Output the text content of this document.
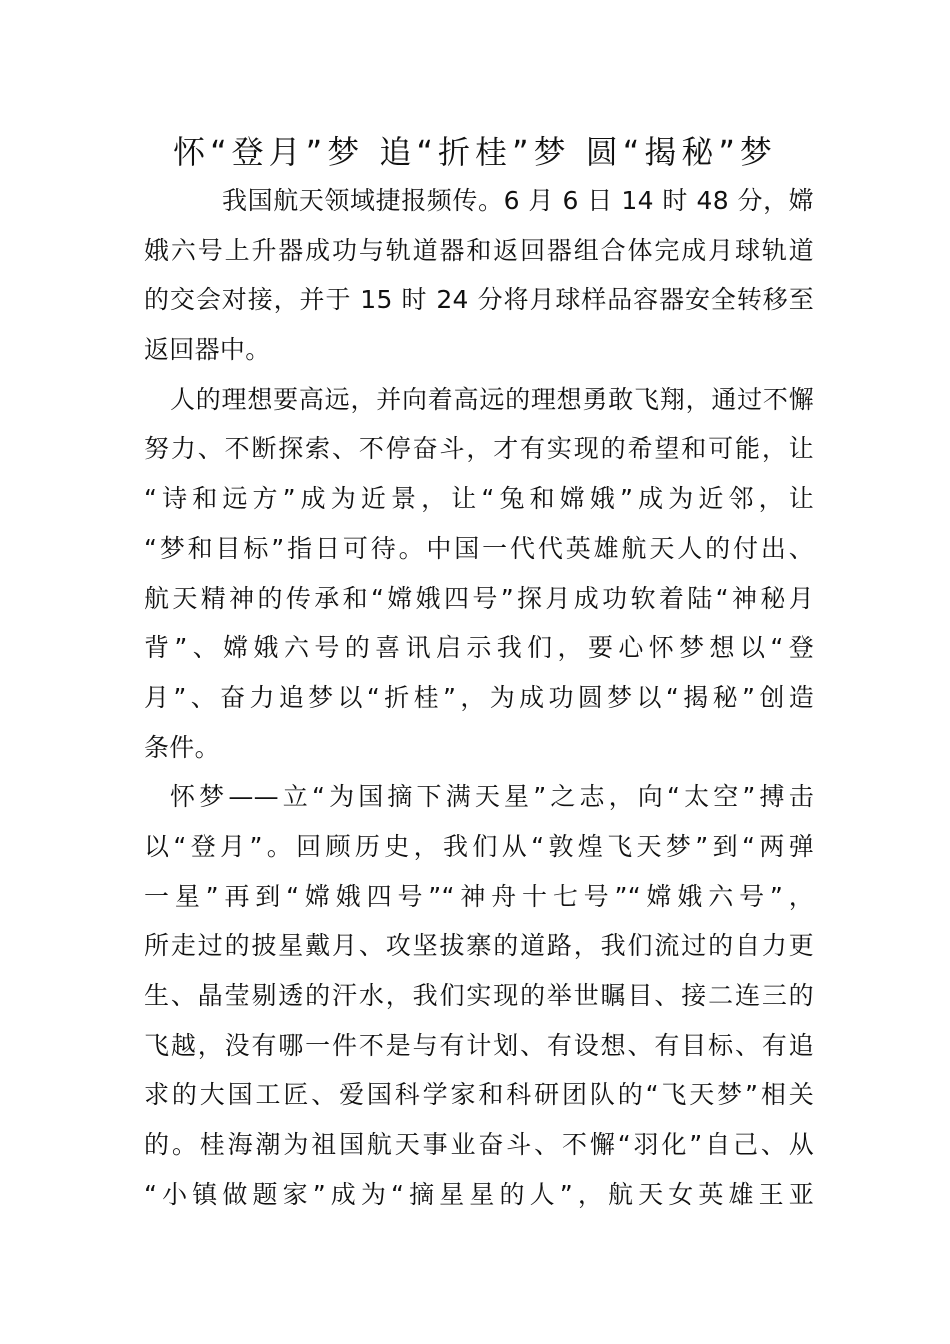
怀“登月”梦 追“折桂”梦 圆“揭秘”梦
我国航天领域捷报频传。6 月 6 日 14 时 48 分，嫦
娥六号上升器成功与轨道器和返回器组合体完成月球轨道
的交会对接，并于 15 时 24 分将月球样品容器安全转移至
返回器中。
人的理想要高远，并向着高远的理想勇敢飞翔，通过不懈
努力、不断探索、不停奋斗，才有实现的希望和可能，让
“诗和远方”成为近景，让“兔和嫦娥”成为近邻，让
“梦和目标”指日可待。中国一代代英雄航天人的付出、
航天精神的传承和“嫦娥四号”探月成功软着陆“神秘月
背”、嫦娥六号的喜讯启示我们，要心怀梦想以“登
月”、奋力追梦以“折桂”，为成功圆梦以“揭秘”创造
条件。
怀梦——立“为国摘下满天星”之志，向“太空”搏击
以“登月”。回顾历史，我们从“敦煌飞天梦”到“两弹
一星”再到“嫦娥四号”“神舟十七号”“嫦娥六号”，
所走过的披星戴月、攻坚拔寨的道路，我们流过的自力更
生、晶莹剔透的汗水，我们实现的举世瞩目、接二连三的
飞越，没有哪一件不是与有计划、有设想、有目标、有追
求的大国工匠、爱国科学家和科研团队的“飞天梦”相关
的。桂海潮为祖国航天事业奋斗、不懈“羽化”自己、从
“小镇做题家”成为“摘星星的人”，航天女英雄王亚
